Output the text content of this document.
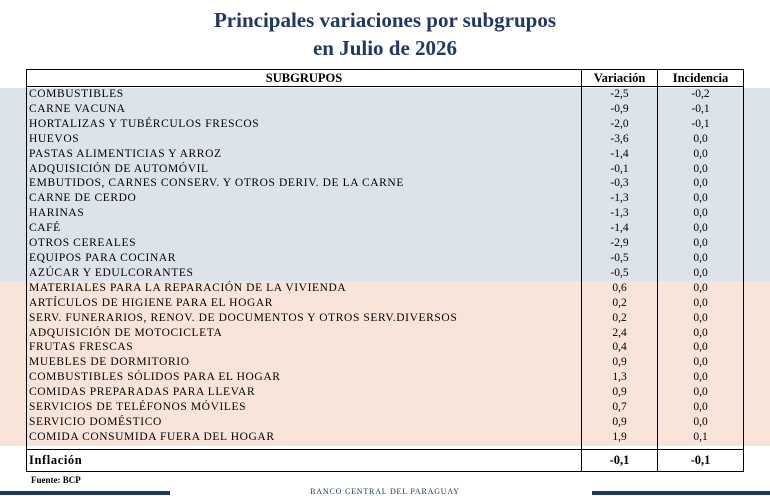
Principales variaciones por subgrupos
en Julio de 2026
SUBGRUPOS	Variación	Incidencia
COMBUSTIBLES	-2,5	-0,2
CARNE VACUNA	-0,9	-0,1
HORTALIZAS Y TUBÉRCULOS FRESCOS	-2,0	-0,1
HUEVOS	-3,6	0,0
PASTAS ALIMENTICIAS Y ARROZ	-1,4	0,0
ADQUISICIÓN DE AUTOMÓVIL	-0,1	0,0
EMBUTIDOS, CARNES CONSERV. Y OTROS DERIV. DE LA CARNE	-0,3	0,0
CARNE DE CERDO	-1,3	0,0
HARINAS	-1,3	0,0
CAFÉ	-1,4	0,0
OTROS CEREALES	-2,9	0,0
EQUIPOS PARA COCINAR	-0,5	0,0
AZÚCAR Y EDULCORANTES	-0,5	0,0
MATERIALES PARA LA REPARACIÓN DE LA VIVIENDA	0,6	0,0
ARTÍCULOS DE HIGIENE PARA EL HOGAR	0,2	0,0
SERV. FUNERARIOS, RENOV. DE DOCUMENTOS Y OTROS SERV.DIVERSOS	0,2	0,0
ADQUISICIÓN DE MOTOCICLETA	2,4	0,0
FRUTAS FRESCAS	0,4	0,0
MUEBLES DE DORMITORIO	0,9	0,0
COMBUSTIBLES SÓLIDOS PARA EL HOGAR	1,3	0,0
COMIDAS PREPARADAS PARA LLEVAR	0,9	0,0
SERVICIOS DE TELÉFONOS MÓVILES	0,7	0,0
SERVICIO DOMÉSTICO	0,9	0,0
COMIDA CONSUMIDA FUERA DEL HOGAR	1,9	0,1

Inflación	-0,1	-0,1
Fuente: BCP
BANCO CENTRAL DEL PARAGUAY
